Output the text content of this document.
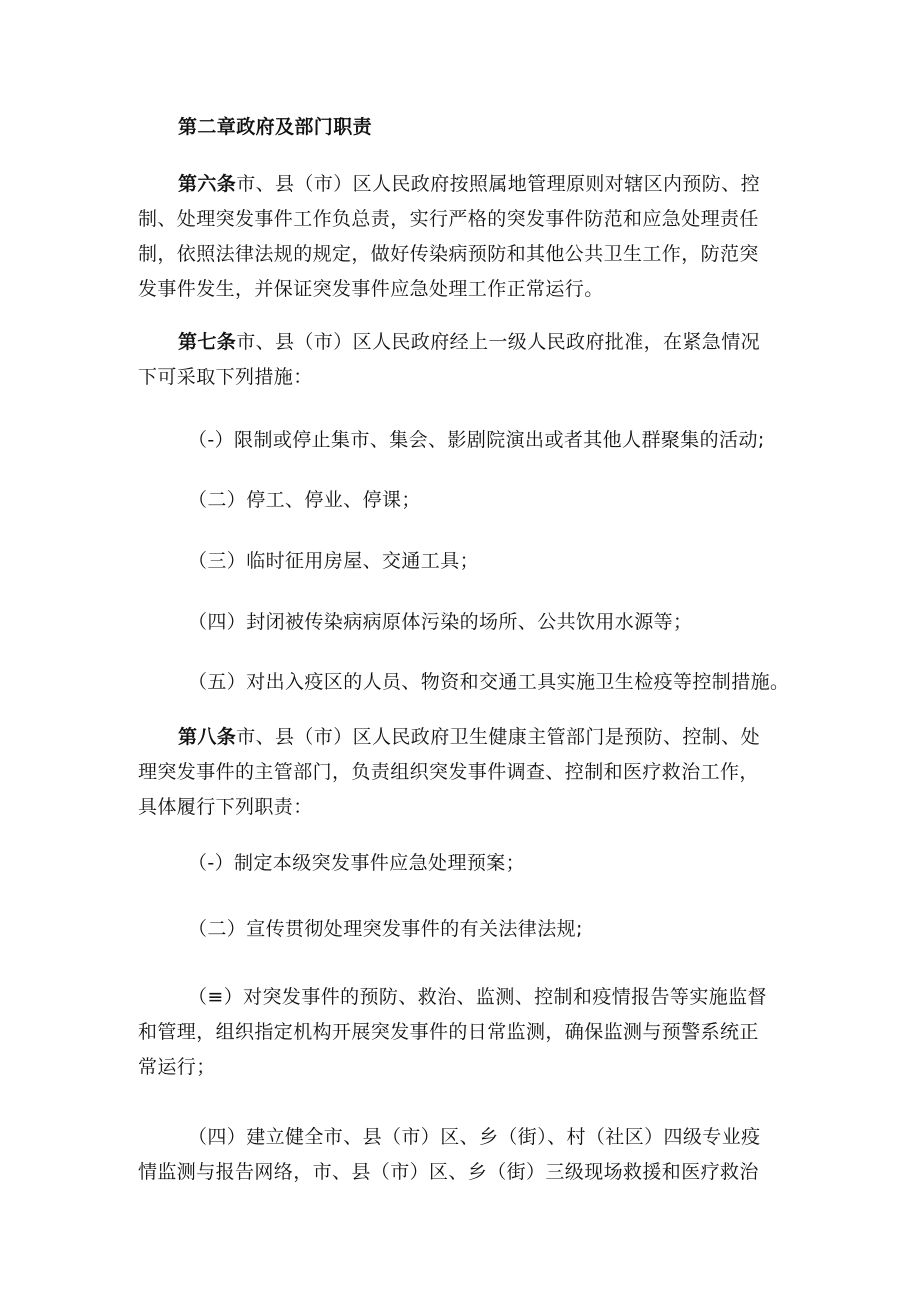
第二章政府及部门职责
第六条市、县（市）区人民政府按照属地管理原则对辖区内预防、控
制、处理突发事件工作负总责，实行严格的突发事件防范和应急处理责任
制，依照法律法规的规定，做好传染病预防和其他公共卫生工作，防范突
发事件发生，并保证突发事件应急处理工作正常运行。
第七条市、县（市）区人民政府经上一级人民政府批准，在紧急情况
下可采取下列措施：
（-）限制或停止集市、集会、影剧院演出或者其他人群聚集的活动;
（二）停工、停业、停课；
（三）临时征用房屋、交通工具；
（四）封闭被传染病病原体污染的场所、公共饮用水源等；
（五）对出入疫区的人员、物资和交通工具实施卫生检疫等控制措施。
第八条市、县（市）区人民政府卫生健康主管部门是预防、控制、处
理突发事件的主管部门，负责组织突发事件调查、控制和医疗救治工作，
具体履行下列职责：
（-）制定本级突发事件应急处理预案；
（二）宣传贯彻处理突发事件的有关法律法规;
（≡）对突发事件的预防、救治、监测、控制和疫情报告等实施监督
和管理，组织指定机构开展突发事件的日常监测，确保监测与预警系统正
常运行；
（四）建立健全市、县（市）区、乡（街）、村（社区）四级专业疫
情监测与报告网络，市、县（市）区、乡（街）三级现场救援和医疗救治
